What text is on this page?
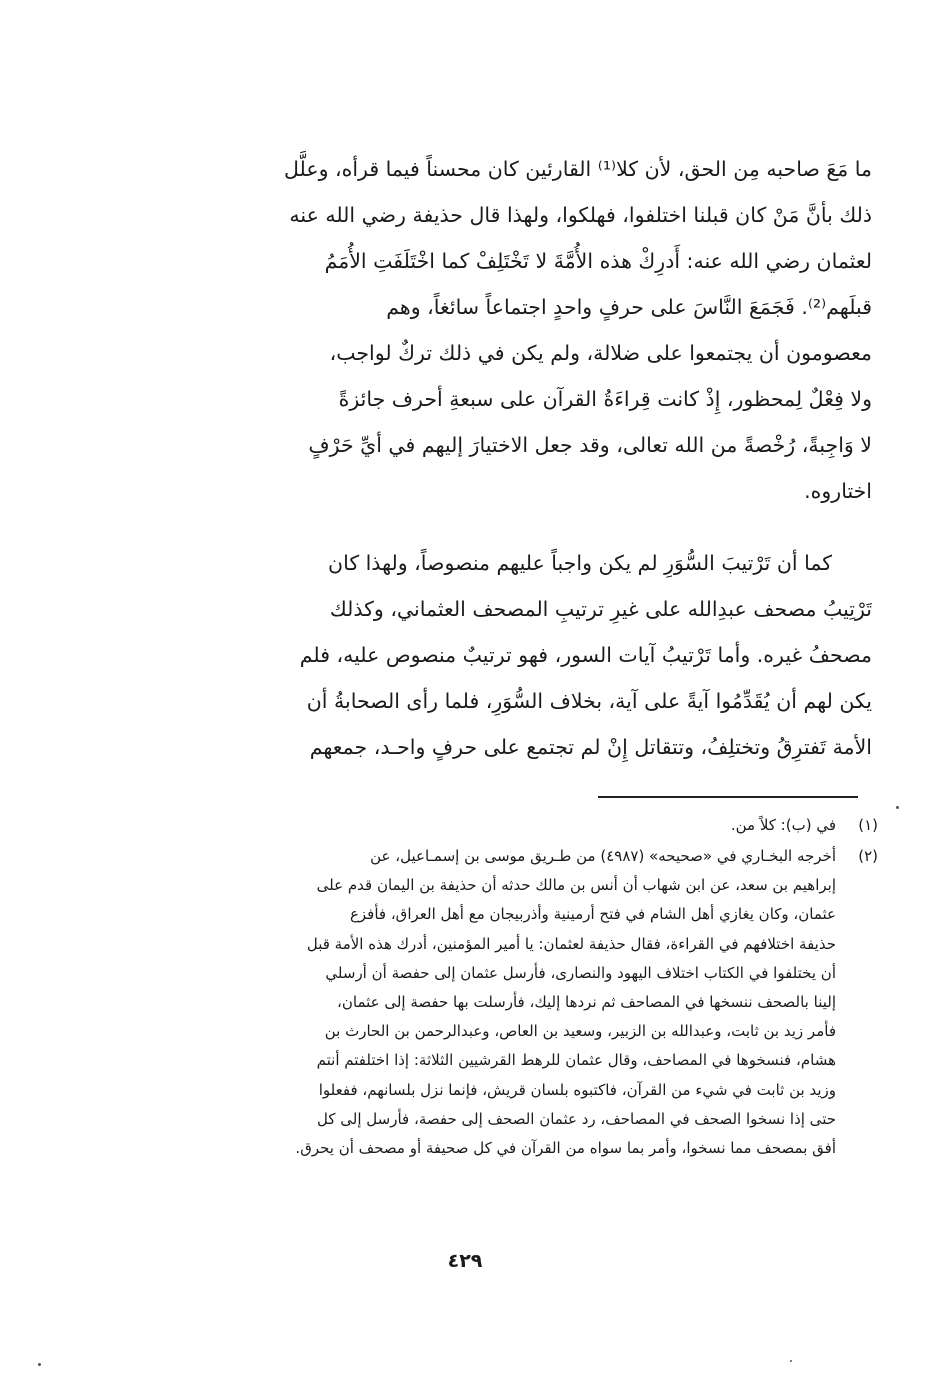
ما مَعَ صاحبه مِن الحق، لأن كلا⁽¹⁾ القارئين كان محسناً فيما قرأه، وعلَّل
ذلك بأنَّ مَنْ كان قبلنا اختلفوا، فهلكوا، ولهذا قال حذيفة رضي الله عنه
لعثمان رضي الله عنه: أَدرِكْ هذه الأُمَّةَ لا تَخْتَلِفْ كما اخْتَلَفَتِ الأُمَمُ
قبلَهم⁽²⁾. فَجَمَعَ النَّاسَ على حرفٍ واحدٍ اجتماعاً سائغاً، وهم
معصومون أن يجتمعوا على ضلالة، ولم يكن في ذلك تركٌ لواجب،
ولا فِعْلٌ لِمحظور، إِذْ كانت قِراءَةُ القرآن على سبعةِ أحرف جائزةً
لا وَاجِبةً، رُخْصةً من الله تعالى، وقد جعل الاختيارَ إليهم في أيِّ حَرْفٍ
اختاروه.
كما أن تَرْتيبَ السُّوَرِ لم يكن واجباً عليهم منصوصاً، ولهذا كان
تَرْتِيبُ مصحف عبدِالله على غيرِ ترتيبِ المصحف العثماني، وكذلك
مصحفُ غيره. وأما تَرْتيبُ آيات السور، فهو ترتيبٌ منصوص عليه، فلم
يكن لهم أن يُقَدِّمُوا آيةً على آية، بخلاف السُّوَرِ، فلما رأى الصحابةُ أن
الأمة تَفترِقُ وتختلِفُ، وتتقاتل إِنْ لم تجتمع على حرفٍ واحـد، جمعهم
(١)
في (ب): كلاً من.
(٢)
أخرجه البخـاري في «صحيحه» (٤٩٨٧) من طـريق موسى بن إسمـاعيل، عن
إبراهيم بن سعد، عن ابن شهاب أن أنس بن مالك حدثه أن حذيفة بن اليمان قدم على
عثمان، وكان يغازي أهل الشام في فتح أرمينية وأذربيجان مع أهل العراق، فأفزع
حذيفة اختلافهم في القراءة، فقال حذيفة لعثمان: يا أمير المؤمنين، أدرك هذه الأمة قبل
أن يختلفوا في الكتاب اختلاف اليهود والنصارى، فأرسل عثمان إلى حفصة أن أرسلي
إلينا بالصحف ننسخها في المصاحف ثم نردها إليك، فأرسلت بها حفصة إلى عثمان،
فأمر زيد بن ثابت، وعبدالله بن الزبير، وسعيد بن العاص، وعبدالرحمن بن الحارث بن
هشام، فنسخوها في المصاحف، وقال عثمان للرهط القرشيين الثلاثة: إذا اختلفتم أنتم
وزيد بن ثابت في شيء من القرآن، فاكتبوه بلسان قريش، فإنما نزل بلسانهم، ففعلوا
حتى إذا نسخوا الصحف في المصاحف، رد عثمان الصحف إلى حفصة، فأرسل إلى كل
أفق بمصحف مما نسخوا، وأمر بما سواه من القرآن في كل صحيفة أو مصحف أن يحرق.
٤٢٩
